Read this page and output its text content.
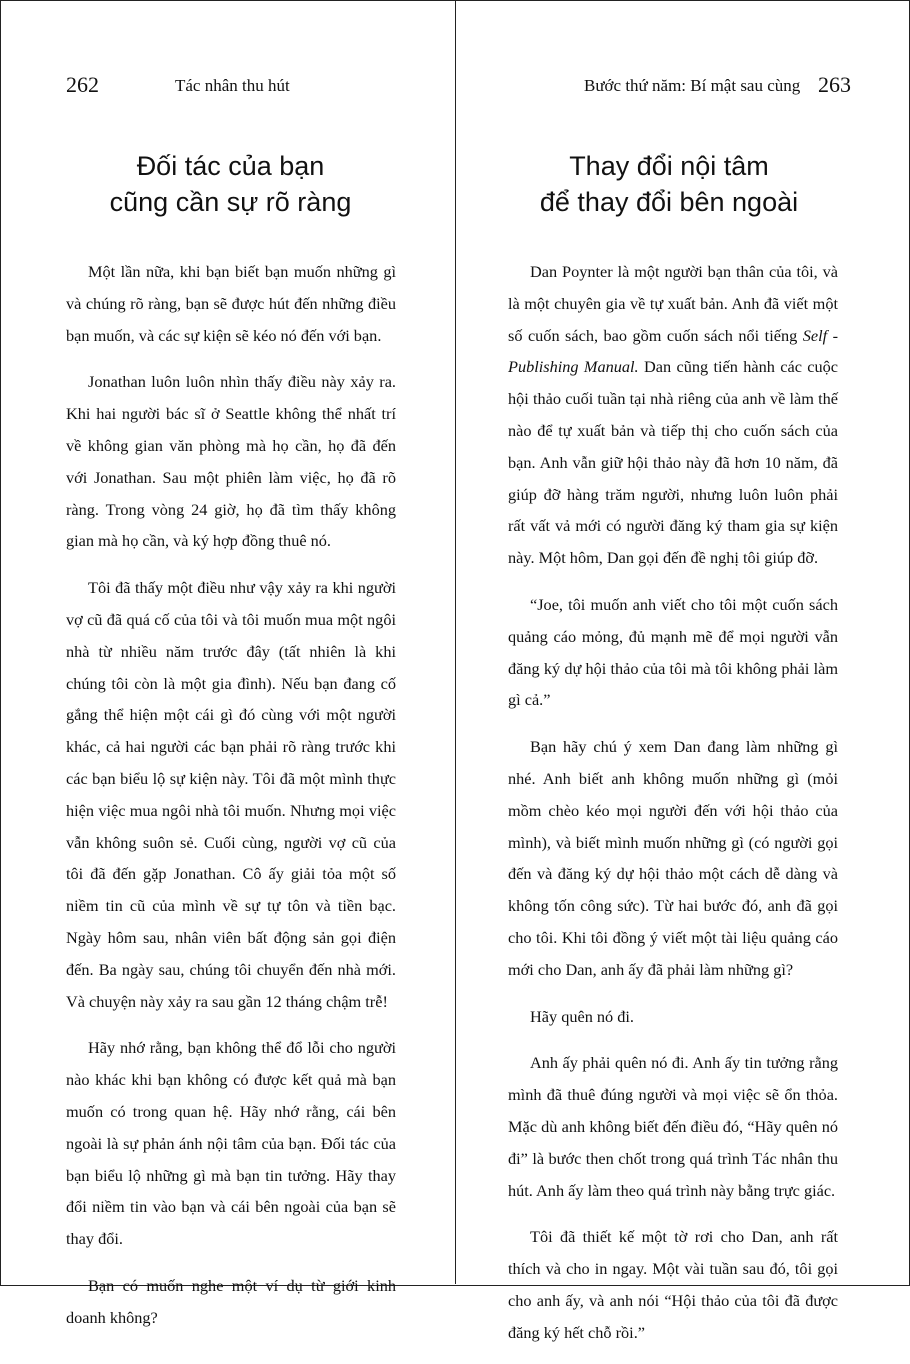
262	Tác nhân thu hút
Đối tác của bạn
cũng cần sự rõ ràng

Một lần nữa, khi bạn biết bạn muốn những gì và chúng rõ ràng, bạn sẽ được hút đến những điều bạn muốn, và các sự kiện sẽ kéo nó đến với bạn.

Jonathan luôn luôn nhìn thấy điều này xảy ra. Khi hai người bác sĩ ở Seattle không thể nhất trí về không gian văn phòng mà họ cần, họ đã đến với Jonathan. Sau một phiên làm việc, họ đã rõ ràng. Trong vòng 24 giờ, họ đã tìm thấy không gian mà họ cần, và ký hợp đồng thuê nó.

Tôi đã thấy một điều như vậy xảy ra khi người vợ cũ đã quá cố của tôi và tôi muốn mua một ngôi nhà từ nhiều năm trước đây (tất nhiên là khi chúng tôi còn là một gia đình). Nếu bạn đang cố gắng thể hiện một cái gì đó cùng với một người khác, cả hai người các bạn phải rõ ràng trước khi các bạn biểu lộ sự kiện này. Tôi đã một mình thực hiện việc mua ngôi nhà tôi muốn. Nhưng mọi việc vẫn không suôn sẻ. Cuối cùng, người vợ cũ của tôi đã đến gặp Jonathan. Cô ấy giải tỏa một số niềm tin cũ của mình về sự tự tôn và tiền bạc. Ngày hôm sau, nhân viên bất động sản gọi điện đến. Ba ngày sau, chúng tôi chuyển đến nhà mới. Và chuyện này xảy ra sau gần 12 tháng chậm trễ!

Hãy nhớ rằng, bạn không thể đổ lỗi cho người nào khác khi bạn không có được kết quả mà bạn muốn có trong quan hệ. Hãy nhớ rằng, cái bên ngoài là sự phản ánh nội tâm của bạn. Đối tác của bạn biểu lộ những gì mà bạn tin tưởng. Hãy thay đổi niềm tin vào bạn và cái bên ngoài của bạn sẽ thay đổi.

Bạn có muốn nghe một ví dụ từ giới kinh doanh không?

Bước thứ năm: Bí mật sau cùng 263
Thay đổi nội tâm
để thay đổi bên ngoài

Dan Poynter là một người bạn thân của tôi, và là một chuyên gia về tự xuất bản. Anh đã viết một số cuốn sách, bao gồm cuốn sách nổi tiếng Self - Publishing Manual. Dan cũng tiến hành các cuộc hội thảo cuối tuần tại nhà riêng của anh về làm thế nào để tự xuất bản và tiếp thị cho cuốn sách của bạn. Anh vẫn giữ hội thảo này đã hơn 10 năm, đã giúp đỡ hàng trăm người, nhưng luôn luôn phải rất vất vả mới có người đăng ký tham gia sự kiện này. Một hôm, Dan gọi đến đề nghị tôi giúp đỡ.

“Joe, tôi muốn anh viết cho tôi một cuốn sách quảng cáo mỏng, đủ mạnh mẽ để mọi người vẫn đăng ký dự hội thảo của tôi mà tôi không phải làm gì cả.”

Bạn hãy chú ý xem Dan đang làm những gì nhé. Anh biết anh không muốn những gì (mỏi mồm chèo kéo mọi người đến với hội thảo của mình), và biết mình muốn những gì (có người gọi đến và đăng ký dự hội thảo một cách dễ dàng và không tốn công sức). Từ hai bước đó, anh đã gọi cho tôi. Khi tôi đồng ý viết một tài liệu quảng cáo mới cho Dan, anh ấy đã phải làm những gì?

Hãy quên nó đi.

Anh ấy phải quên nó đi. Anh ấy tin tưởng rằng mình đã thuê đúng người và mọi việc sẽ ổn thỏa. Mặc dù anh không biết đến điều đó, “Hãy quên nó đi” là bước then chốt trong quá trình Tác nhân thu hút. Anh ấy làm theo quá trình này bằng trực giác.

Tôi đã thiết kế một tờ rơi cho Dan, anh rất thích và cho in ngay. Một vài tuần sau đó, tôi gọi cho anh ấy, và anh nói “Hội thảo của tôi đã được đăng ký hết chỗ rồi.”
